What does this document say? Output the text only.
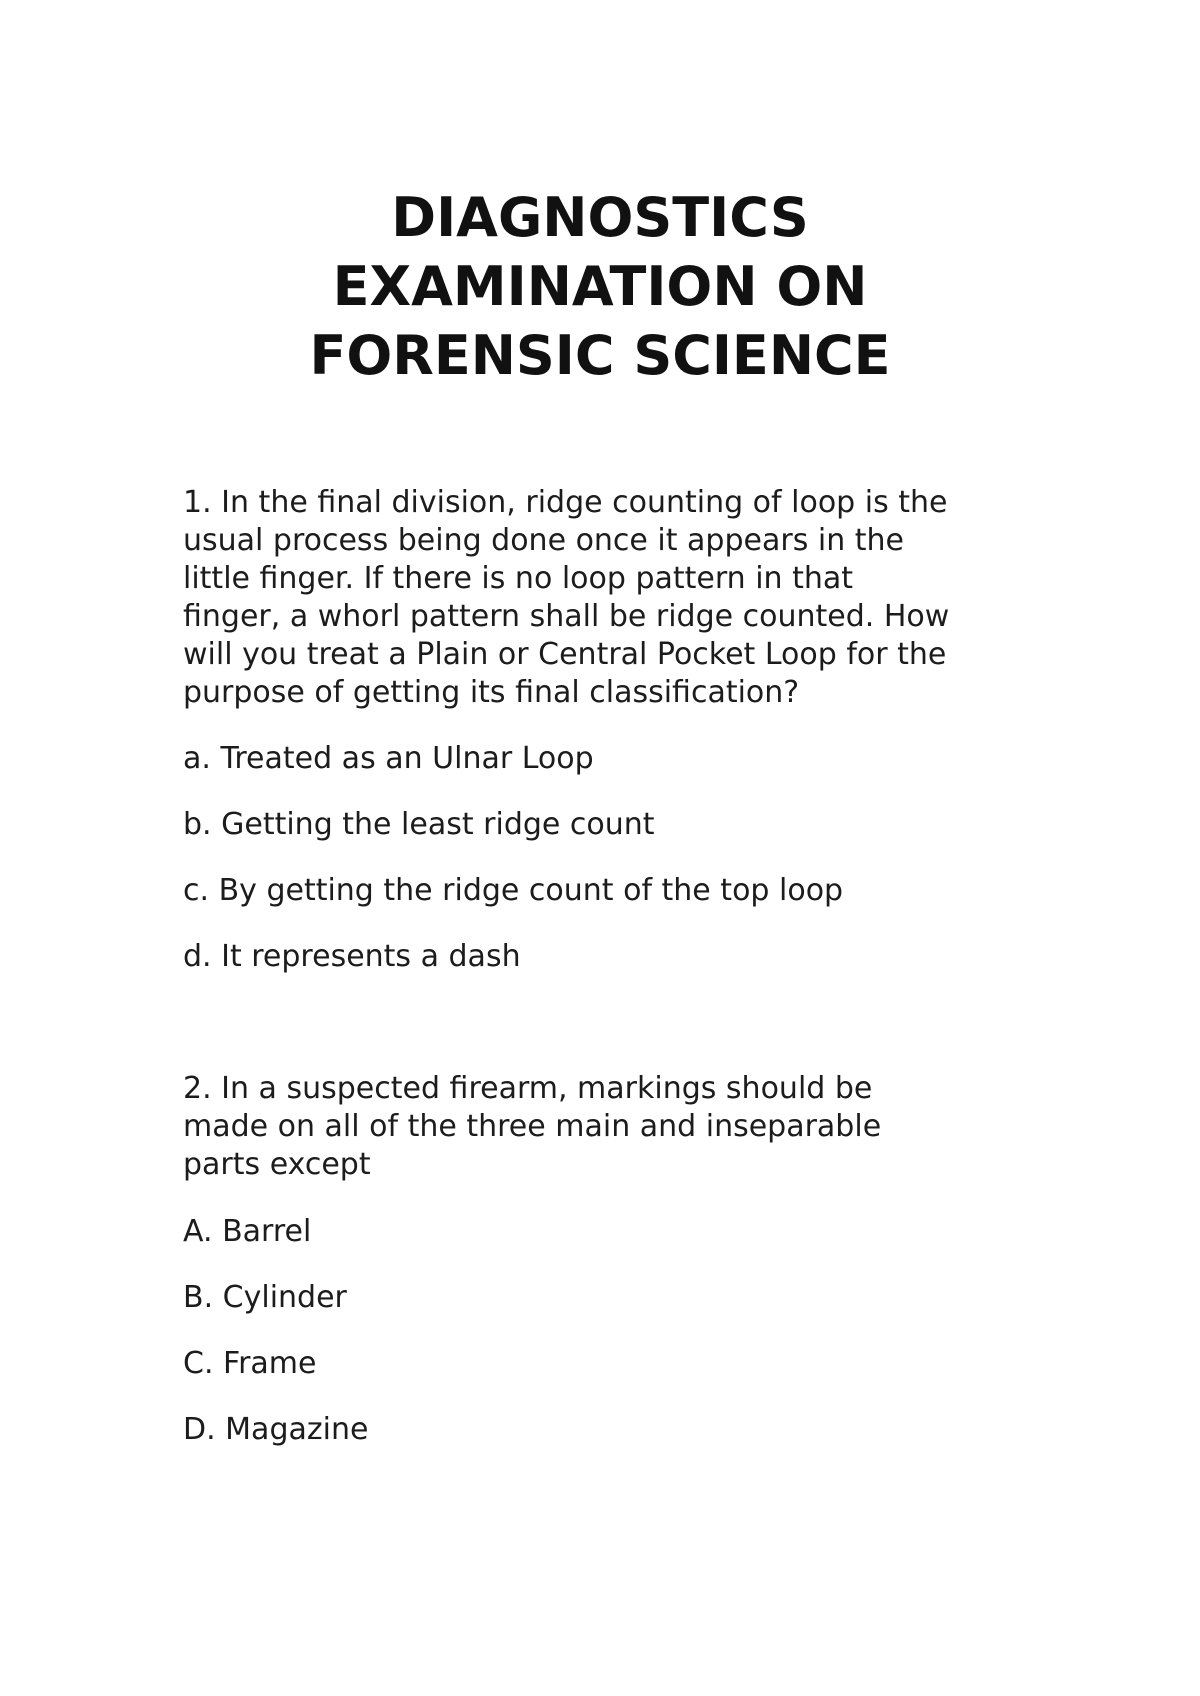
DIAGNOSTICS
EXAMINATION ON
FORENSIC SCIENCE
1. In the final division, ridge counting of loop is the
usual process being done once it appears in the
little finger. If there is no loop pattern in that
finger, a whorl pattern shall be ridge counted. How
will you treat a Plain or Central Pocket Loop for the
purpose of getting its final classification?

a. Treated as an Ulnar Loop

b. Getting the least ridge count

c. By getting the ridge count of the top loop

d. It represents a dash

2. In a suspected firearm, markings should be
made on all of the three main and inseparable
parts except

A. Barrel

B. Cylinder

C. Frame

D. Magazine
